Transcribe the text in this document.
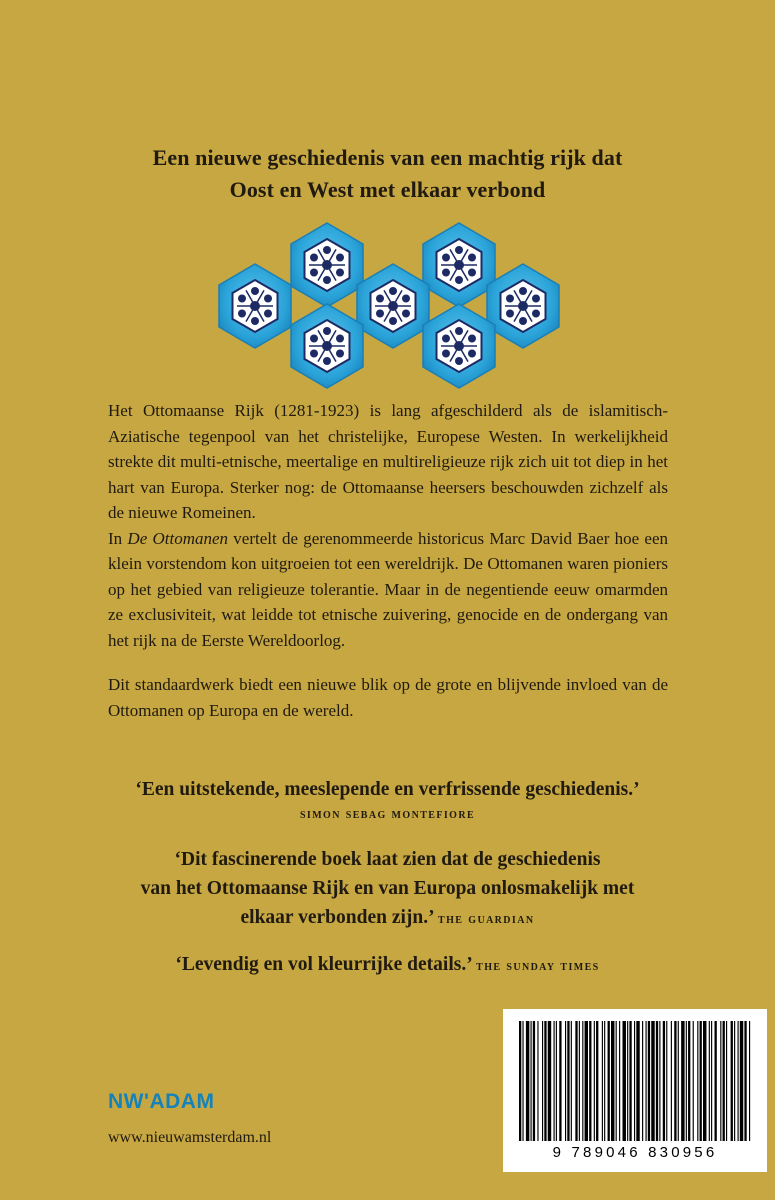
Een nieuwe geschiedenis van een machtig rijk dat
Oost en West met elkaar verbond

Het Ottomaanse Rijk (1281-1923) is lang afgeschilderd als de islamitisch-Aziatische tegenpool van het christelijke, Europese Westen. In werkelijkheid strekte dit multi-etnische, meertalige en multireligieuze rijk zich uit tot diep in het hart van Europa. Sterker nog: de Ottomaanse heersers beschouwden zichzelf als de nieuwe Romeinen.

In De Ottomanen vertelt de gerenommeerde historicus Marc David Baer hoe een klein vorstendom kon uitgroeien tot een wereldrijk. De Ottomanen waren pioniers op het gebied van religieuze tolerantie. Maar in de negentiende eeuw omarmden ze exclusiviteit, wat leidde tot etnische zuivering, genocide en de ondergang van het rijk na de Eerste Wereldoorlog.

Dit standaardwerk biedt een nieuwe blik op de grote en blijvende invloed van de Ottomanen op Europa en de wereld.

‘Een uitstekende, meeslepende en verfrissende geschiedenis.’
simon sebag montefiore
‘Dit fascinerende boek laat zien dat de geschiedenis
van het Ottomaanse Rijk en van Europa onlosmakelijk met
elkaar verbonden zijn.’ the guardian
‘Levendig en vol kleurrijke details.’ the sunday times
NW'ADAM
www.nieuwamsterdam.nl
9 789046 830956
